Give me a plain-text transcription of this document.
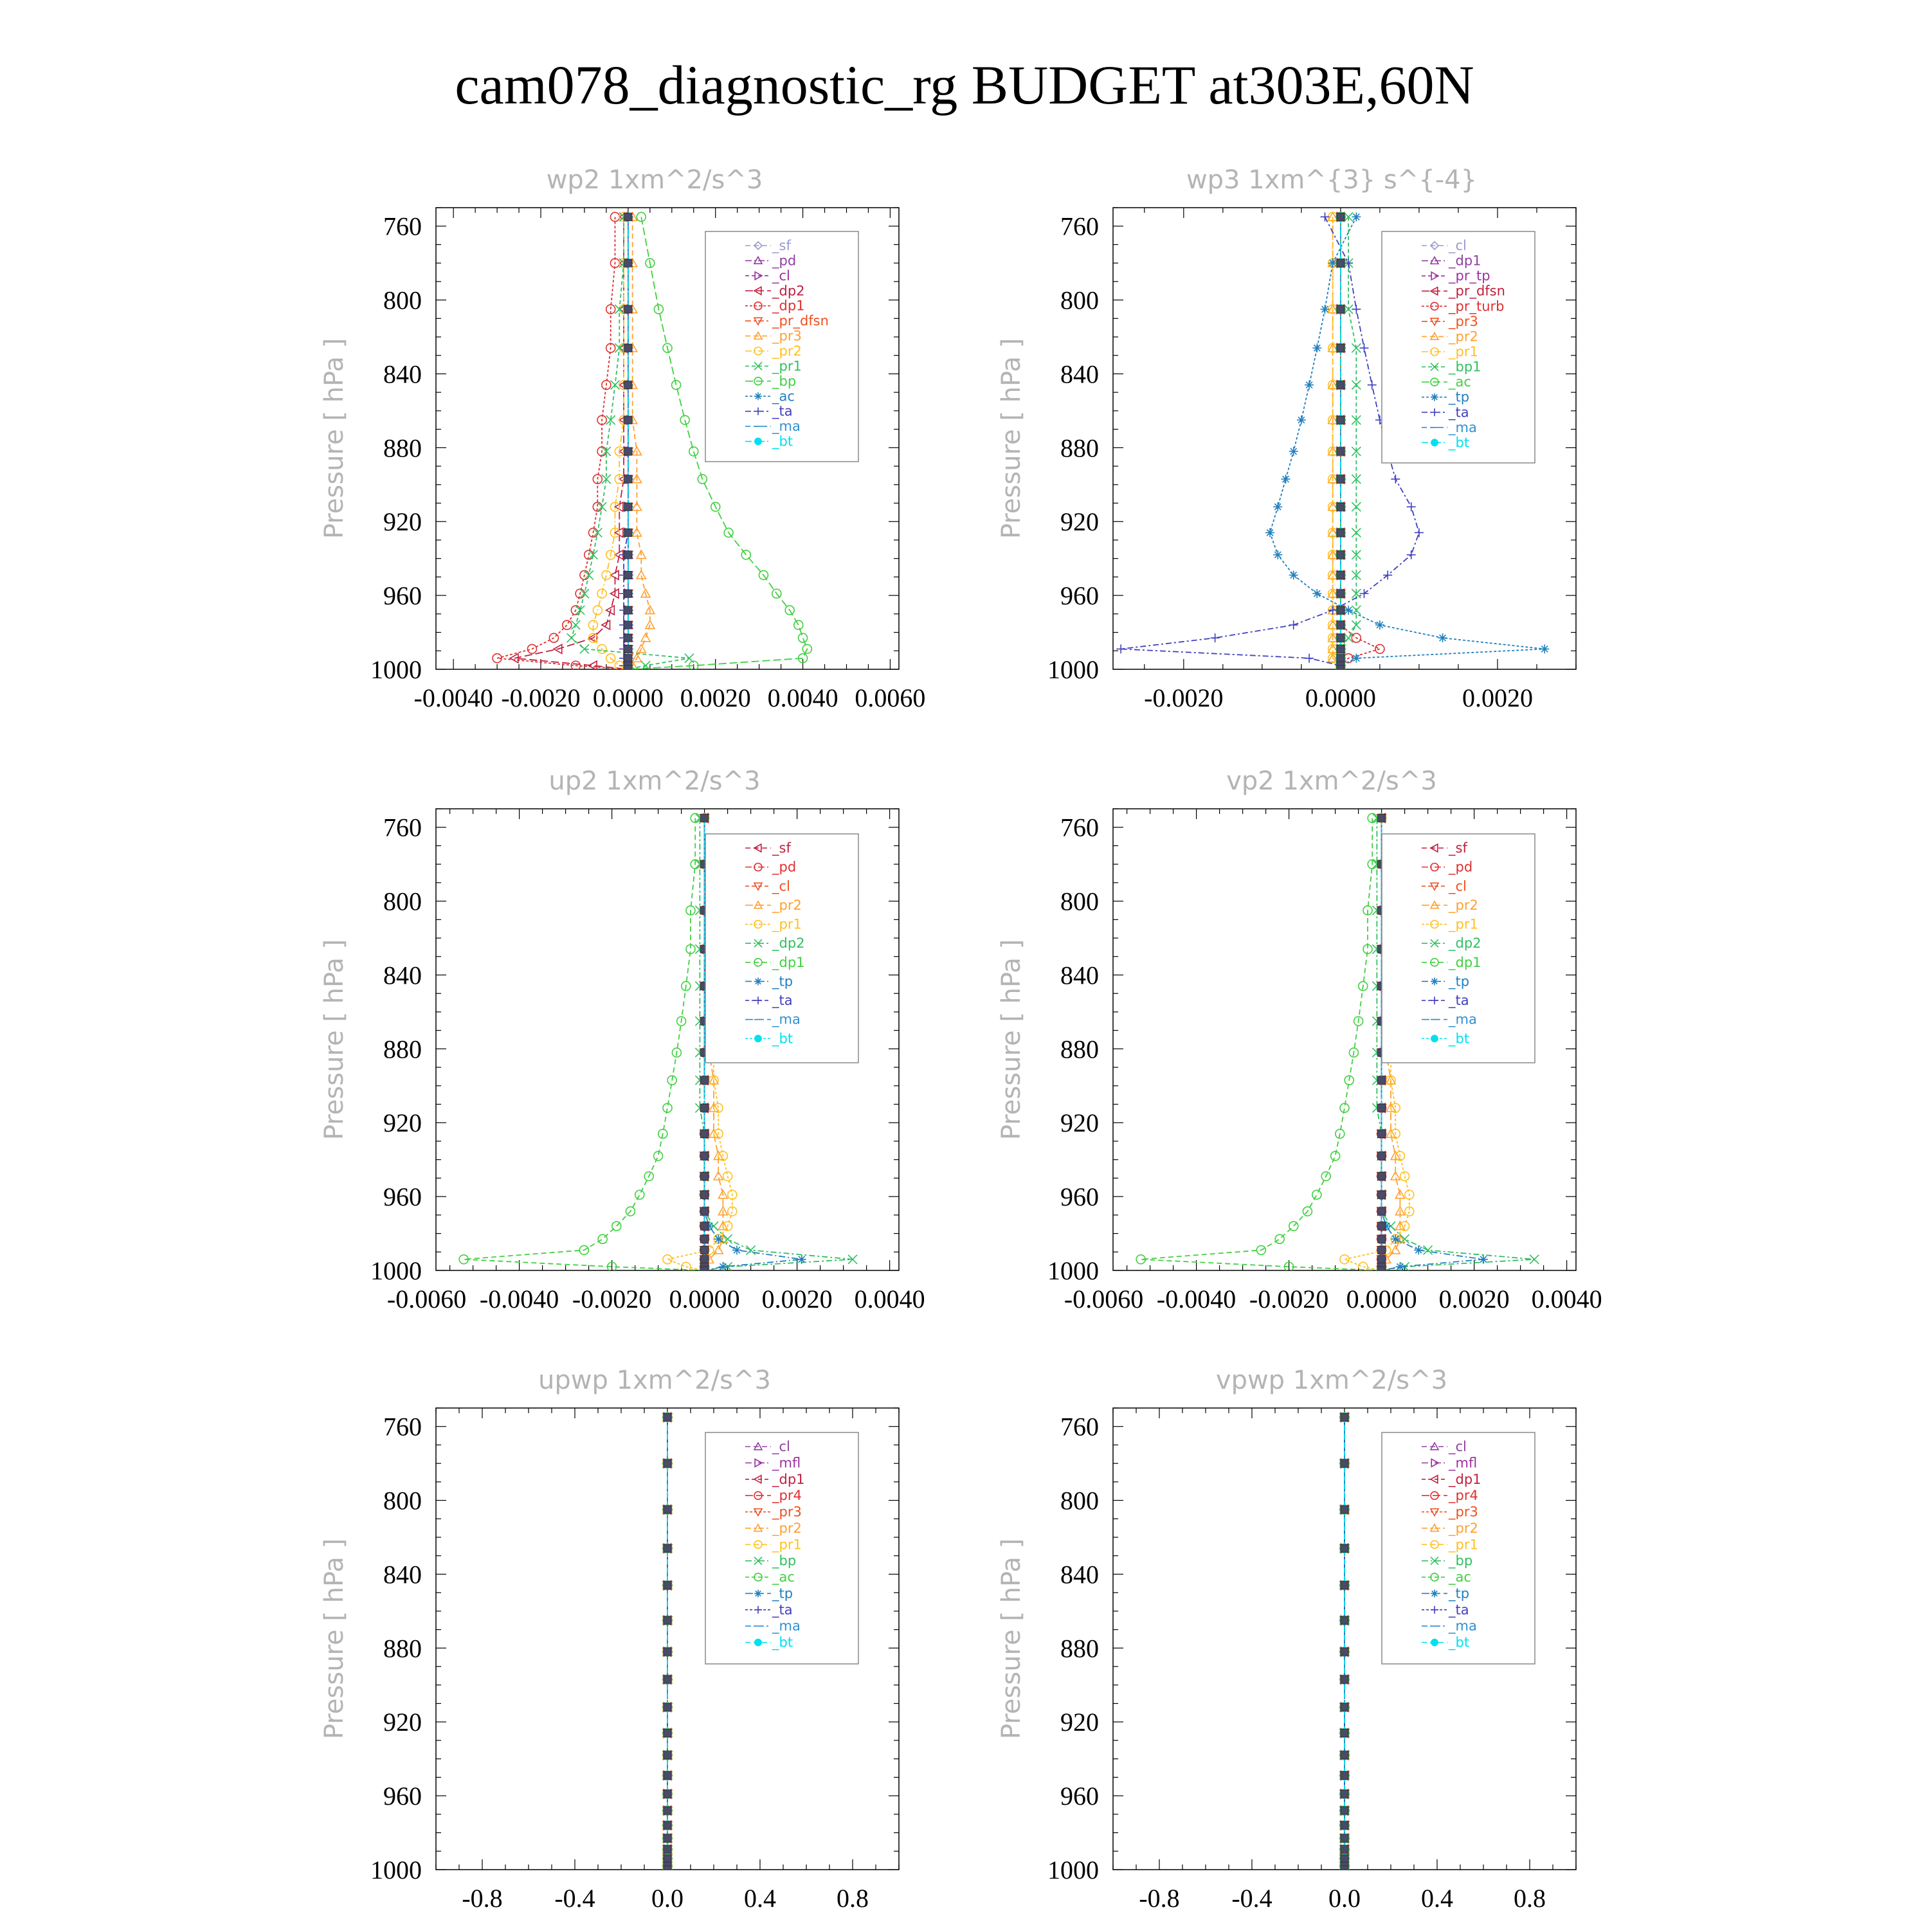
cam078_diagnostic_rg BUDGET at303E,60N
wp2 1xm^2/s^3
Pressure [ hPa ]
760
800
840
880
920
960
1000
-0.0040 -0.0020 0.0000 0.0020 0.0040 0.0060
_sf
_pd
_cl
_dp2
_dp1
_pr_dfsn
_pr3
_pr2
_pr1
_bp
_ac
_ta
_ma
_bt
wp3 1xm^{3} s^{-4}
Pressure [ hPa ]
760
800
840
880
920
960
1000
-0.0020	0.0000	0.0020
_cl
_dp1
_pr_tp
_pr_dfsn
_pr_turb
_pr3
_pr2
_pr1
_bp1
_ac
_tp
_ta
_ma
_bt
up2 1xm^2/s^3
Pressure [ hPa ]
760
800
840
880
920
960
1000
-0.0060 -0.0040 -0.0020 0.0000 0.0020 0.0040
_sf
_pd
_cl
_pr2
_pr1
_dp2
_dp1
_tp
_ta
_ma
_bt
vp2 1xm^2/s^3
Pressure [ hPa ]
760
800
840
880
920
960
1000
-0.0060 -0.0040 -0.0020 0.0000 0.0020 0.0040
_sf
_pd
_cl
_pr2
_pr1
_dp2
_dp1
_tp
_ta
_ma
_bt
upwp 1xm^2/s^3
Pressure [ hPa ]
760
800
840
880
920
960
1000
-0.8 -0.4 0.0 0.4 0.8
_cl
_mfl
_dp1
_pr4
_pr3
_pr2
_pr1
_bp
_ac
_tp
_ta
_ma
_bt
vpwp 1xm^2/s^3
Pressure [ hPa ]
760
800
840
880
920
960
1000
-0.8 -0.4 0.0 0.4 0.8
_cl
_mfl
_dp1
_pr4
_pr3
_pr2
_pr1
_bp
_ac
_tp
_ta
_ma
_bt
